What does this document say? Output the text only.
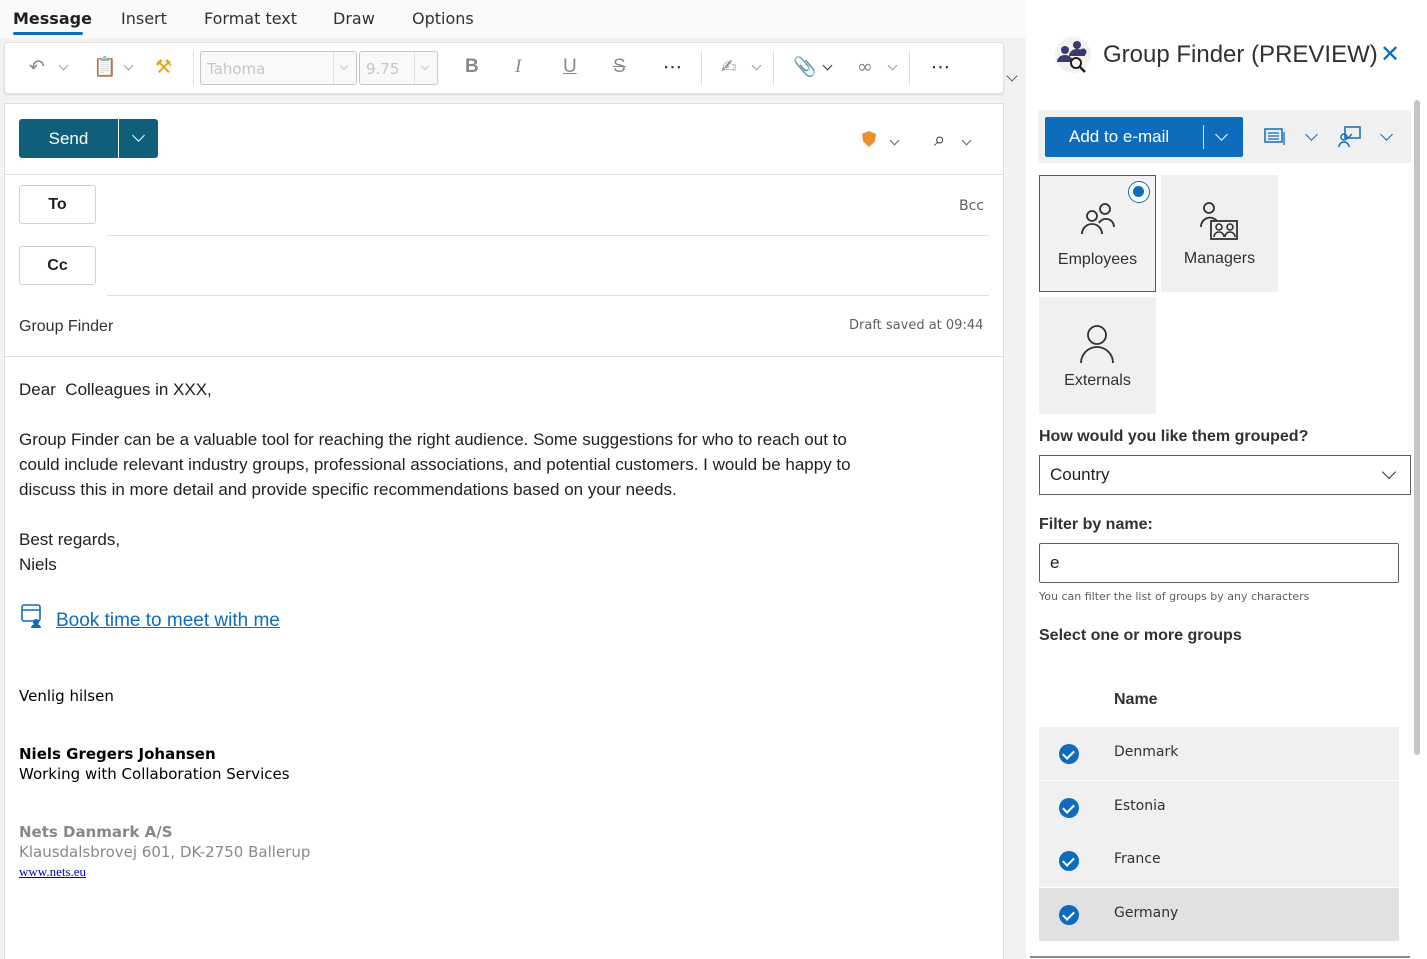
Message Insert Format text Draw Options
↶	📋 ⚒	Tahoma	9.75	B I U S ⋯ ✍	📎 ∞	⋯
Send	⌕
To	Bcc
Cc
Group Finder	Draft saved at 09:44
Dear  Colleagues in XXX,
Group Finder can be a valuable tool for reaching the right audience. Some suggestions for who to reach out to
could include relevant industry groups, professional associations, and potential customers. I would be happy to
discuss this in more detail and provide specific recommendations based on your needs.
Best regards,
Niels
Book time to meet with me
Venlig hilsen
Niels Gregers Johansen
Working with Collaboration Services
Nets Danmark A/S
Klausdalsbrovej 601, DK-2750 Ballerup
www.nets.eu
Group Finder (PREVIEW) ✕
Add to e-mail
Employees	Managers
Externals
How would you like them grouped?
Country
Filter by name:
e
You can filter the list of groups by any characters
Select one or more groups
Name
Denmark
Estonia
France
Germany
